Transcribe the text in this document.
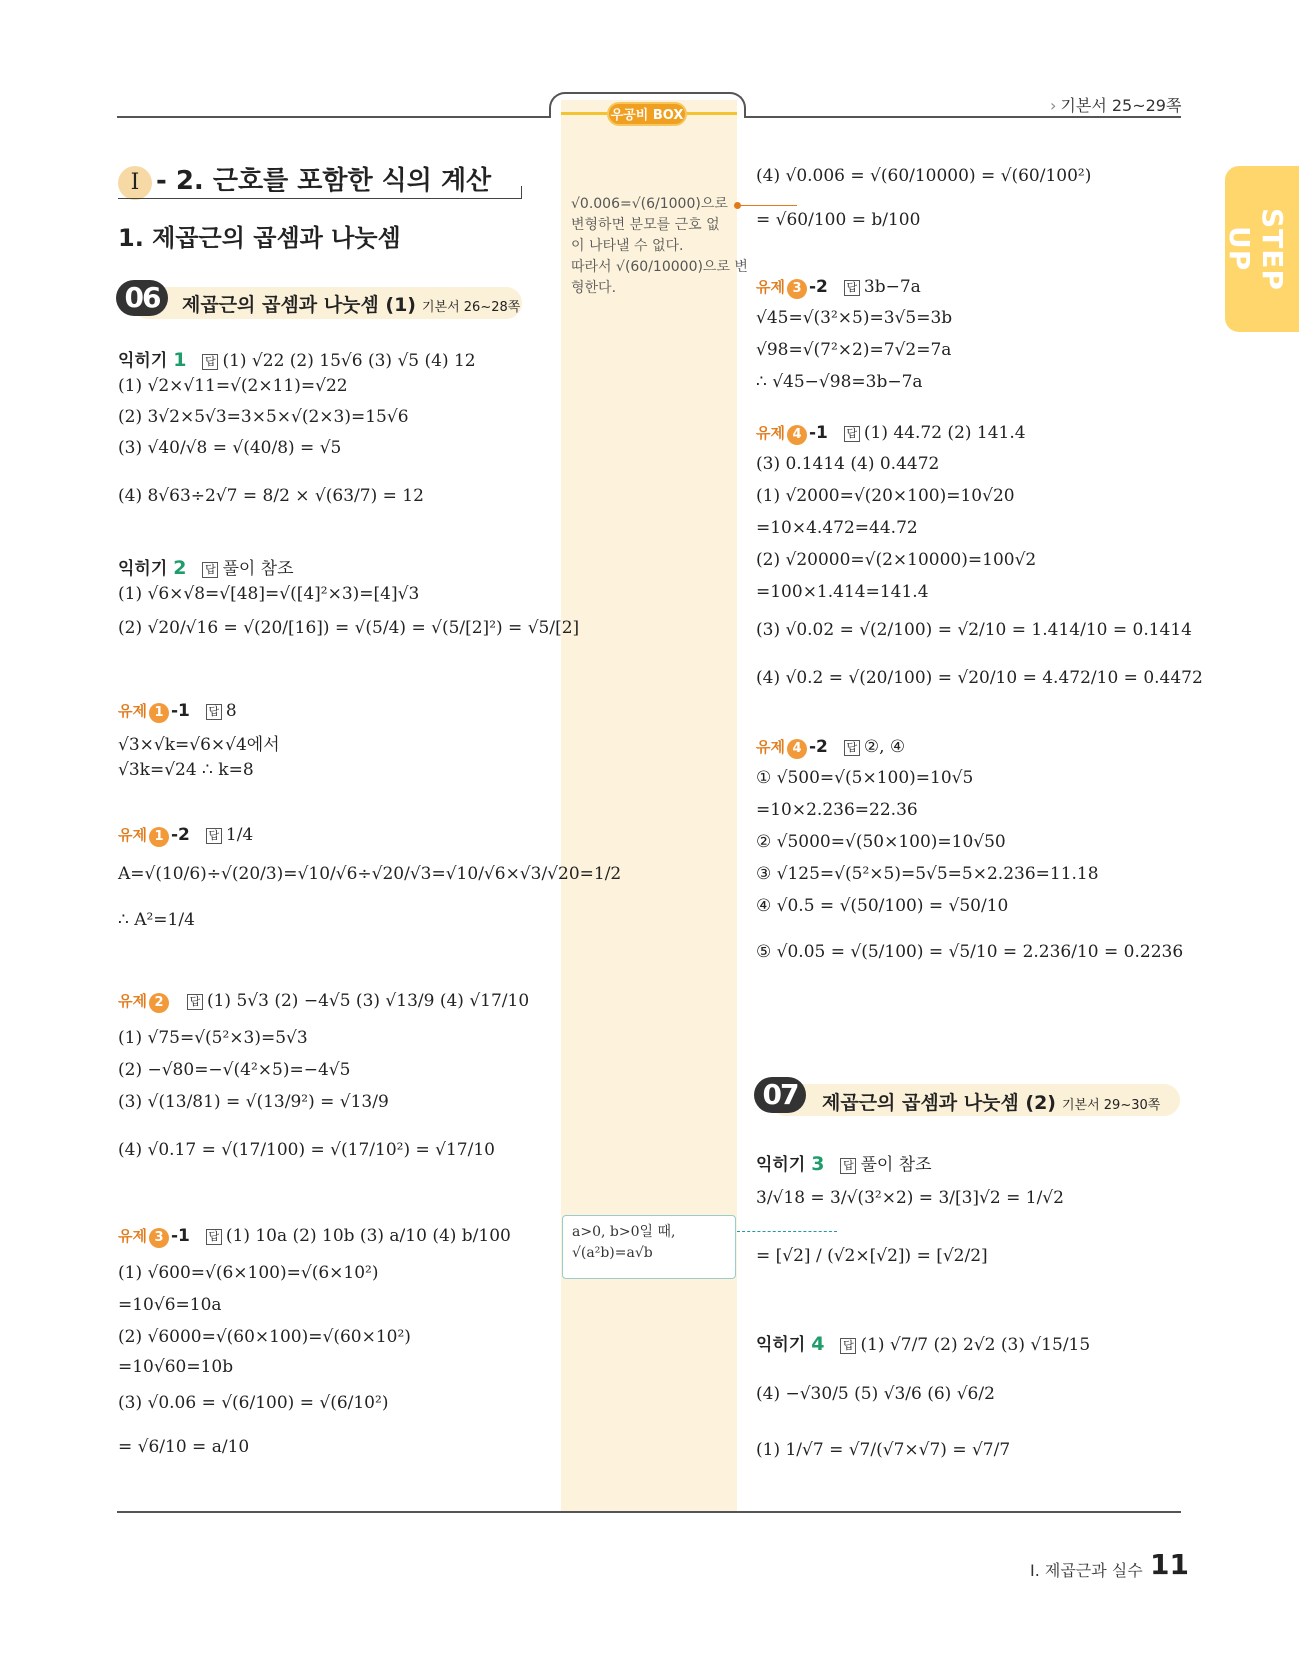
› 기본서 25~29쪽
우공비 BOX
STEP UP
Ⅰ - 2. 근호를 포함한 식의 계산
1. 제곱근의 곱셈과 나눗셈
06	제곱근의 곱셈과 나눗셈 (1) 기본서 26~28쪽
익히기 1 답 (1) √22 (2) 15√6 (3) √5 (4) 12
(1) √2×√11=√(2×11)=√22
(2) 3√2×5√3=3×5×√(2×3)=15√6
(3) √40/√8 = √(40/8) = √5
(4) 8√63÷2√7 = 8/2 × √(63/7) = 12
익히기 2 답 풀이 참조
(1) √6×√8=√[48]=√([4]²×3)=[4]√3
(2) √20/√16 = √(20/[16]) = √(5/4) = √(5/[2]²) = √5/[2]
유제 1 -1 답 8
√3×√k=√6×√4에서
√3k=√24 ∴ k=8
유제 1 -2 답 1/4
A=√(10/6)÷√(20/3)=√10/√6÷√20/√3=√10/√6×√3/√20=1/2
∴ A²=1/4
유제 2 답 (1) 5√3 (2) −4√5 (3) √13/9 (4) √17/10
(1) √75=√(5²×3)=5√3
(2) −√80=−√(4²×5)=−4√5
(3) √(13/81) = √(13/9²) = √13/9
(4) √0.17 = √(17/100) = √(17/10²) = √17/10
유제 3 -1 답 (1) 10a (2) 10b (3) a/10 (4) b/100
(1) √600=√(6×100)=√(6×10²)
=10√6=10a
(2) √6000=√(60×100)=√(60×10²)
=10√60=10b
(3) √0.06 = √(6/100) = √(6/10²)
= √6/10 = a/10
√0.006=√(6/1000)으로
변형하면 분모를 근호 없
이 나타낼 수 없다.
따라서 √(60/10000)으로 변
형한다.
a>0, b>0일 때,
√(a²b)=a√b
(4) √0.006 = √(60/10000) = √(60/100²)
= √60/100 = b/100
유제 3 -2 답 3b−7a
√45=√(3²×5)=3√5=3b
√98=√(7²×2)=7√2=7a
∴ √45−√98=3b−7a
유제 4 -1 답 (1) 44.72 (2) 141.4
(3) 0.1414 (4) 0.4472
(1) √2000=√(20×100)=10√20
=10×4.472=44.72
(2) √20000=√(2×10000)=100√2
=100×1.414=141.4
(3) √0.02 = √(2/100) = √2/10 = 1.414/10 = 0.1414
(4) √0.2 = √(20/100) = √20/10 = 4.472/10 = 0.4472
유제 4 -2 답 ②, ④
① √500=√(5×100)=10√5
=10×2.236=22.36
② √5000=√(50×100)=10√50
③ √125=√(5²×5)=5√5=5×2.236=11.18
④ √0.5 = √(50/100) = √50/10
⑤ √0.05 = √(5/100) = √5/10 = 2.236/10 = 0.2236
07	제곱근의 곱셈과 나눗셈 (2) 기본서 29~30쪽
익히기 3 답 풀이 참조
3/√18 = 3/√(3²×2) = 3/[3]√2 = 1/√2
= [√2] / (√2×[√2]) = [√2/2]
익히기 4 답 (1) √7/7 (2) 2√2 (3) √15/15
(4) −√30/5 (5) √3/6 (6) √6/2
(1) 1/√7 = √7/(√7×√7) = √7/7
Ⅰ. 제곱근과 실수 11
